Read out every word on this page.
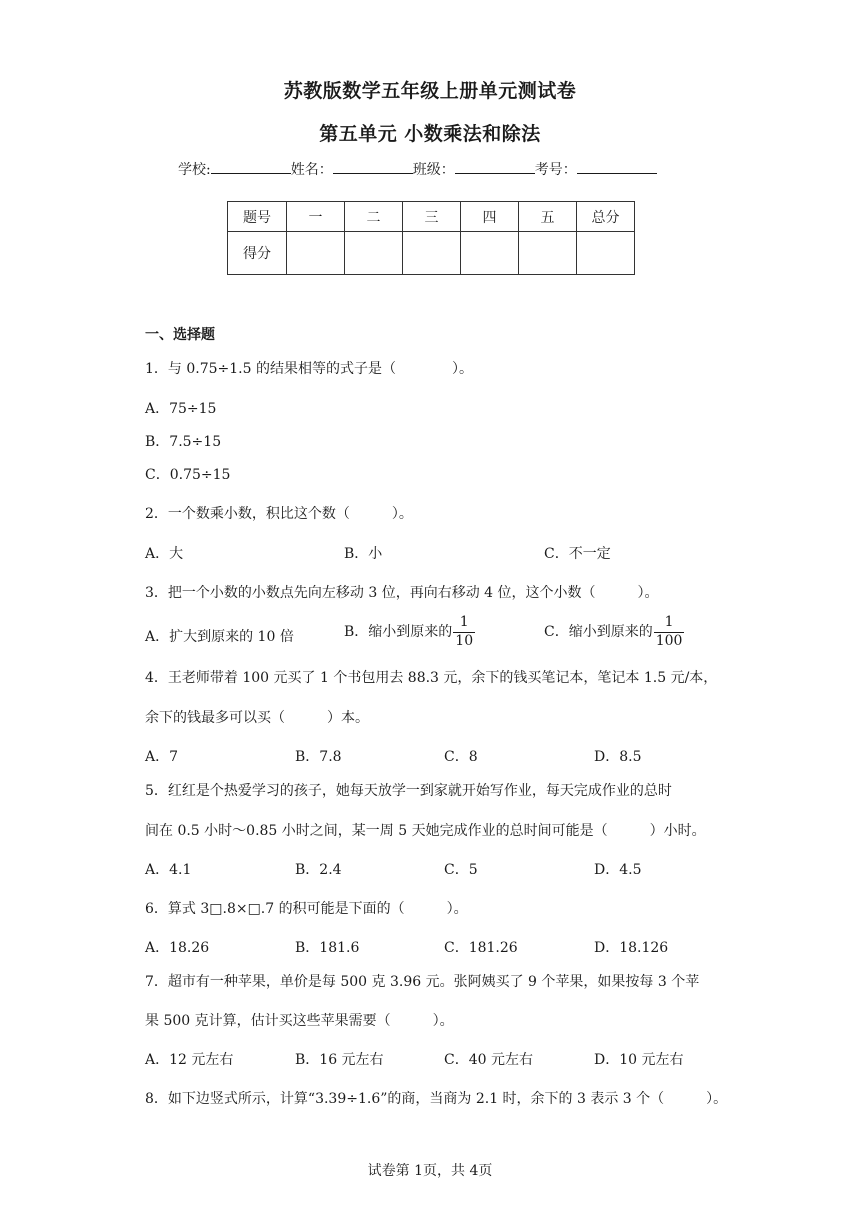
苏教版数学五年级上册单元测试卷
第五单元 小数乘法和除法
学校:	姓名：	班级：	考号：
题号	一	二	三	四	五	总分
得分						
一、选择题
1．与 0.75÷1.5 的结果相等的式子是（　　　　）。
A．75÷15
B．7.5÷15
C．0.75÷15
2．一个数乘小数，积比这个数（　　　）。
A．大	B．小	C．不一定
3．把一个小数的小数点先向左移动 3 位，再向右移动 4 位，这个小数（　　　）。
A．扩大到原来的 10 倍	B．缩小到原来的 $\frac{1}{10}$	C．缩小到原来的 $\frac{1}{100}$
4．王老师带着 100 元买了 1 个书包用去 88.3 元，余下的钱买笔记本，笔记本 1.5 元/本，
余下的钱最多可以买（　　　）本。
A．7	B．7.8	C．8	D．8.5
5．红红是个热爱学习的孩子，她每天放学一到家就开始写作业，每天完成作业的总时
间在 0.5 小时～0.85 小时之间，某一周 5 天她完成作业的总时间可能是（　　　）小时。
A．4.1	B．2.4	C．5	D．4.5
6．算式 3□.8×□.7 的积可能是下面的（　　　）。
A．18.26	B．181.6	C．181.26	D．18.126
7．超市有一种苹果，单价是每 500 克 3.96 元。张阿姨买了 9 个苹果，如果按每 3 个苹
果 500 克计算，估计买这些苹果需要（　　　）。
A．12 元左右	B．16 元左右	C．40 元左右	D．10 元左右
8．如下边竖式所示，计算“3.39÷1.6”的商，当商为 2.1 时，余下的 3 表示 3 个（　　　）。
试卷第 1页，共 4页
